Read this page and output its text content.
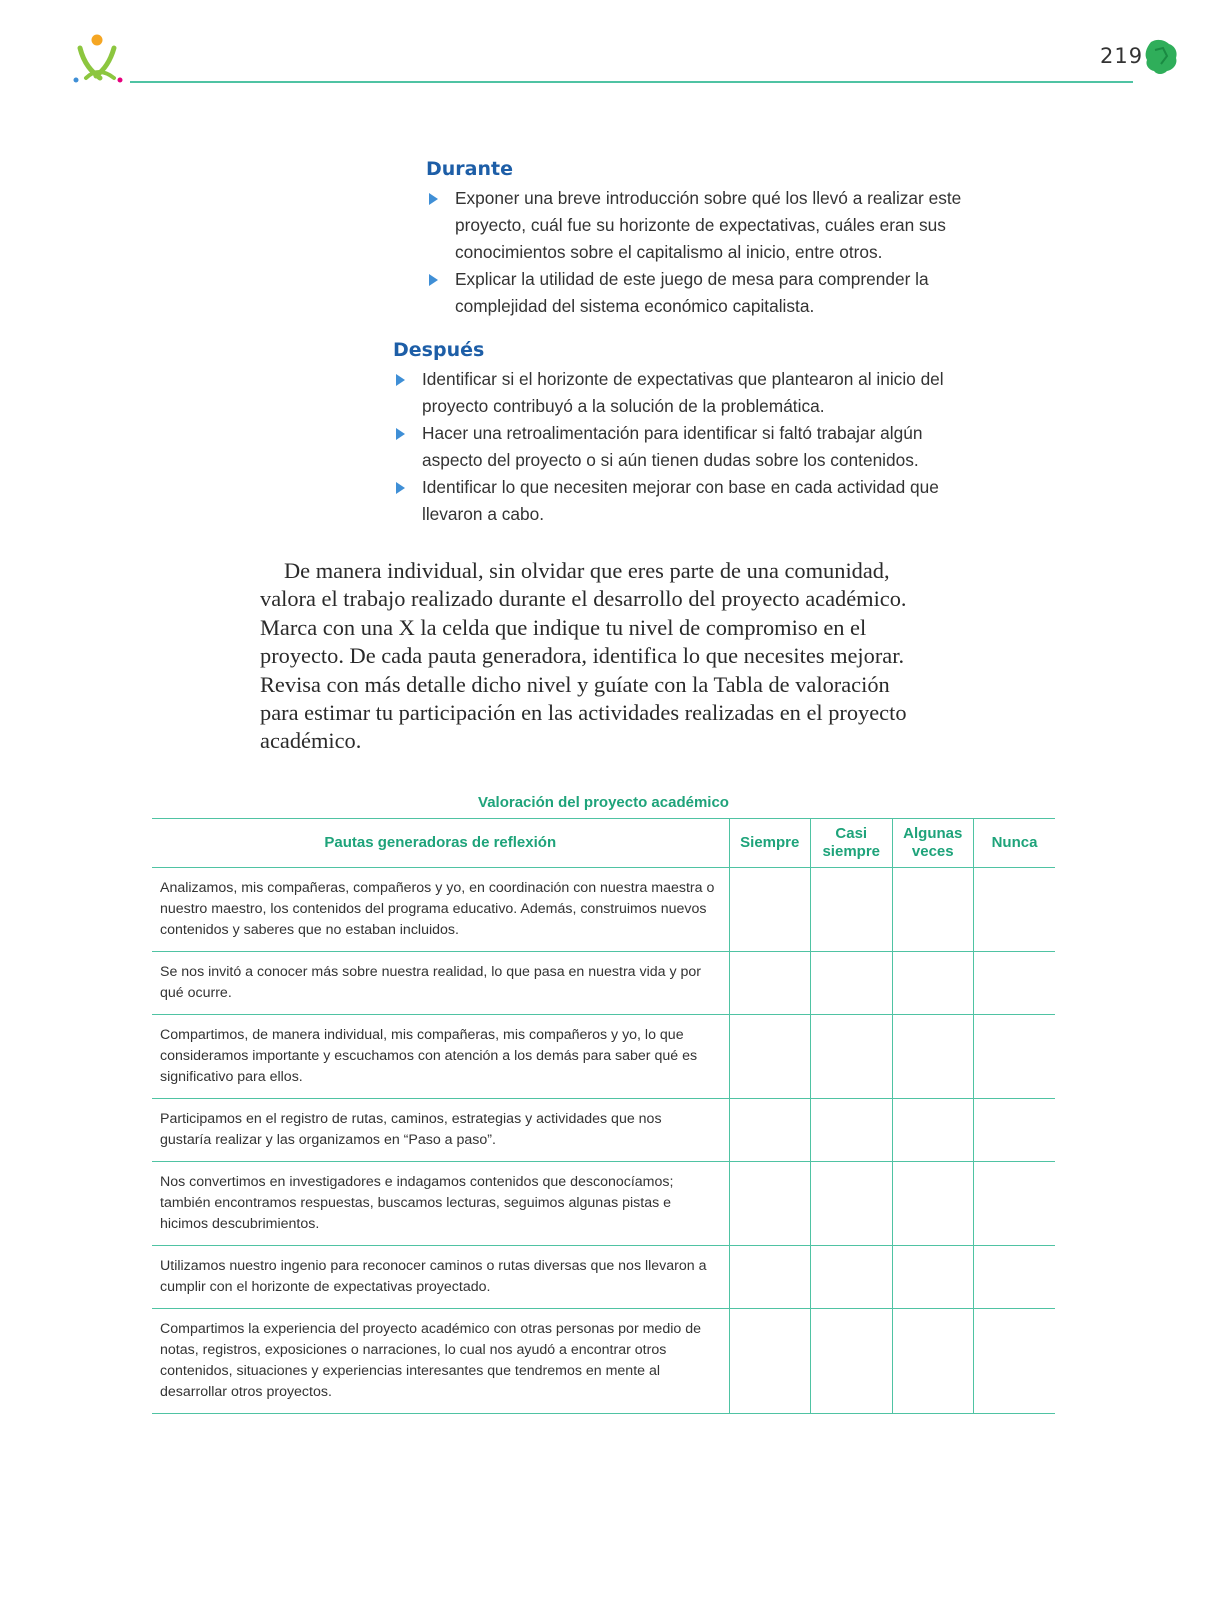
219
Durante
Exponer una breve introducción sobre qué los llevó a realizar este proyecto, cuál fue su horizonte de expectativas, cuáles eran sus conocimientos sobre el capitalismo al inicio, entre otros.
Explicar la utilidad de este juego de mesa para comprender la complejidad del sistema económico capitalista.
Después
Identificar si el horizonte de expectativas que plantearon al inicio del proyecto contribuyó a la solución de la problemática.
Hacer una retroalimentación para identificar si faltó trabajar algún aspecto del proyecto o si aún tienen dudas sobre los contenidos.
Identificar lo que necesiten mejorar con base en cada actividad que llevaron a cabo.

De manera individual, sin olvidar que eres parte de una comunidad, valora el trabajo realizado durante el desarrollo del proyecto académico. Marca con una X la celda que indique tu nivel de compromiso en el proyecto. De cada pauta generadora, identifica lo que necesites mejorar. Revisa con más detalle dicho nivel y guíate con la Tabla de valoración para estimar tu participación en las actividades realizadas en el proyecto académico.

Valoración del proyecto académico
Pautas generadoras de reflexión	Siempre	Casi siempre	Algunas veces	Nunca
Analizamos, mis compañeras, compañeros y yo, en coordinación con nuestra maestra o nuestro maestro, los contenidos del programa educativo. Además, construimos nuevos contenidos y saberes que no estaban incluidos.				
Se nos invitó a conocer más sobre nuestra realidad, lo que pasa en nuestra vida y por qué ocurre.				
Compartimos, de manera individual, mis compañeras, mis compañeros y yo, lo que consideramos importante y escuchamos con atención a los demás para saber qué es significativo para ellos.				
Participamos en el registro de rutas, caminos, estrategias y actividades que nos gustaría realizar y las organizamos en “Paso a paso”.				
Nos convertimos en investigadores e indagamos contenidos que desconocíamos; también encontramos respuestas, buscamos lecturas, seguimos algunas pistas e hicimos descubrimientos.				
Utilizamos nuestro ingenio para reconocer caminos o rutas diversas que nos llevaron a cumplir con el horizonte de expectativas proyectado.				
Compartimos la experiencia del proyecto académico con otras personas por medio de notas, registros, exposiciones o narraciones, lo cual nos ayudó a encontrar otros contenidos, situaciones y experiencias interesantes que tendremos en mente al desarrollar otros proyectos.				
